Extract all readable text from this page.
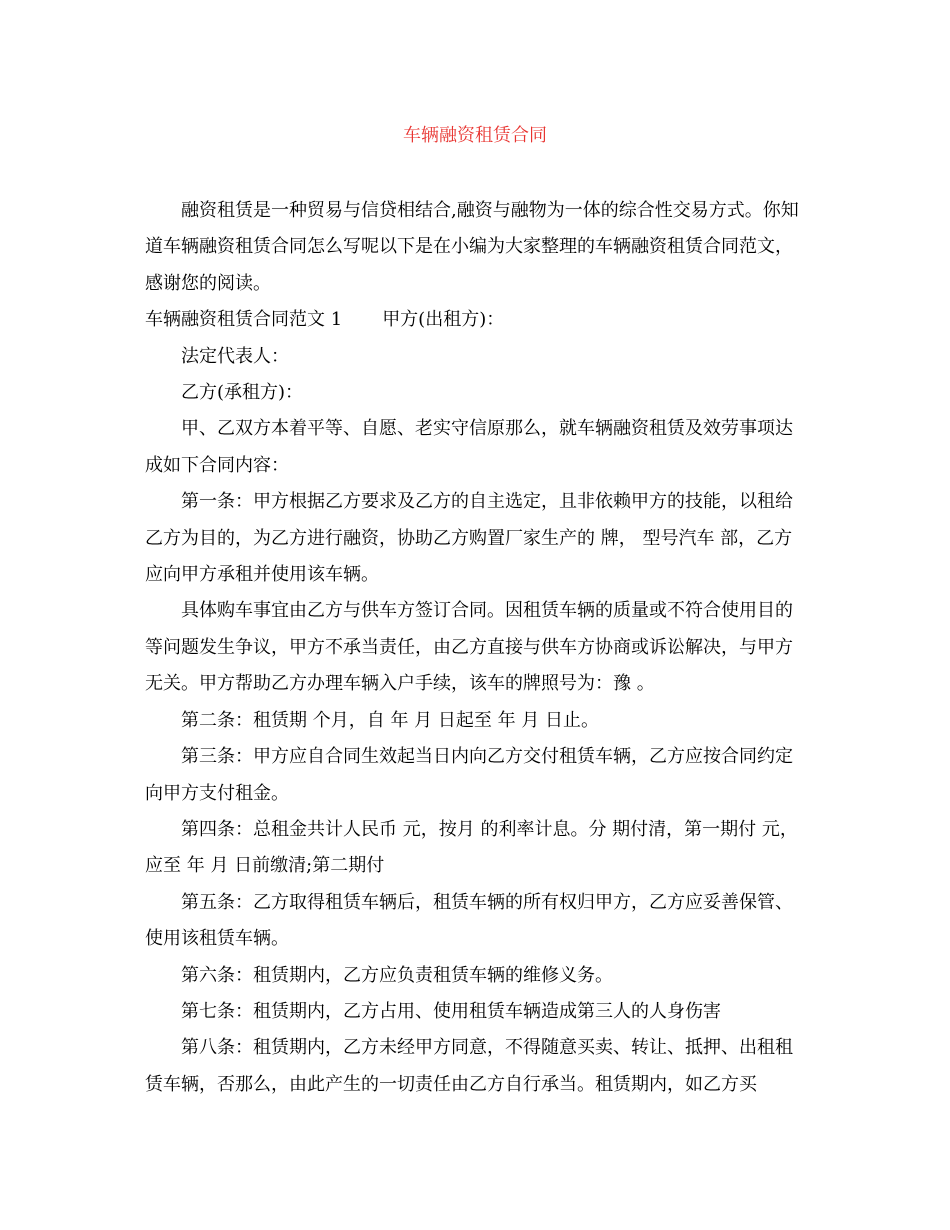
车辆融资租赁合同

融资租赁是一种贸易与信贷相结合,融资与融物为一体的综合性交易方式。你知道车辆融资租赁合同怎么写呢以下是在小编为大家整理的车辆融资租赁合同范文，感谢您的阅读。

车辆融资租赁合同范文 1 甲方(出租方)：

法定代表人：

乙方(承租方)：

甲、乙双方本着平等、自愿、老实守信原那么，就车辆融资租赁及效劳事项达成如下合同内容：

第一条：甲方根据乙方要求及乙方的自主选定，且非依赖甲方的技能，以租给乙方为目的，为乙方进行融资，协助乙方购置厂家生产的 牌， 型号汽车 部，乙方应向甲方承租并使用该车辆。

具体购车事宜由乙方与供车方签订合同。因租赁车辆的质量或不符合使用目的等问题发生争议，甲方不承当责任，由乙方直接与供车方协商或诉讼解决，与甲方无关。甲方帮助乙方办理车辆入户手续，该车的牌照号为：豫 。

第二条：租赁期 个月，自 年 月 日起至 年 月 日止。

第三条：甲方应自合同生效起当日内向乙方交付租赁车辆，乙方应按合同约定向甲方支付租金。

第四条：总租金共计人民币 元，按月 的利率计息。分 期付清，第一期付 元，应至 年 月 日前缴清;第二期付

第五条：乙方取得租赁车辆后，租赁车辆的所有权归甲方，乙方应妥善保管、使用该租赁车辆。

第六条：租赁期内，乙方应负责租赁车辆的维修义务。

第七条：租赁期内，乙方占用、使用租赁车辆造成第三人的人身伤害

第八条：租赁期内，乙方未经甲方同意，不得随意买卖、转让、抵押、出租租赁车辆，否那么，由此产生的一切责任由乙方自行承当。租赁期内，如乙方买
